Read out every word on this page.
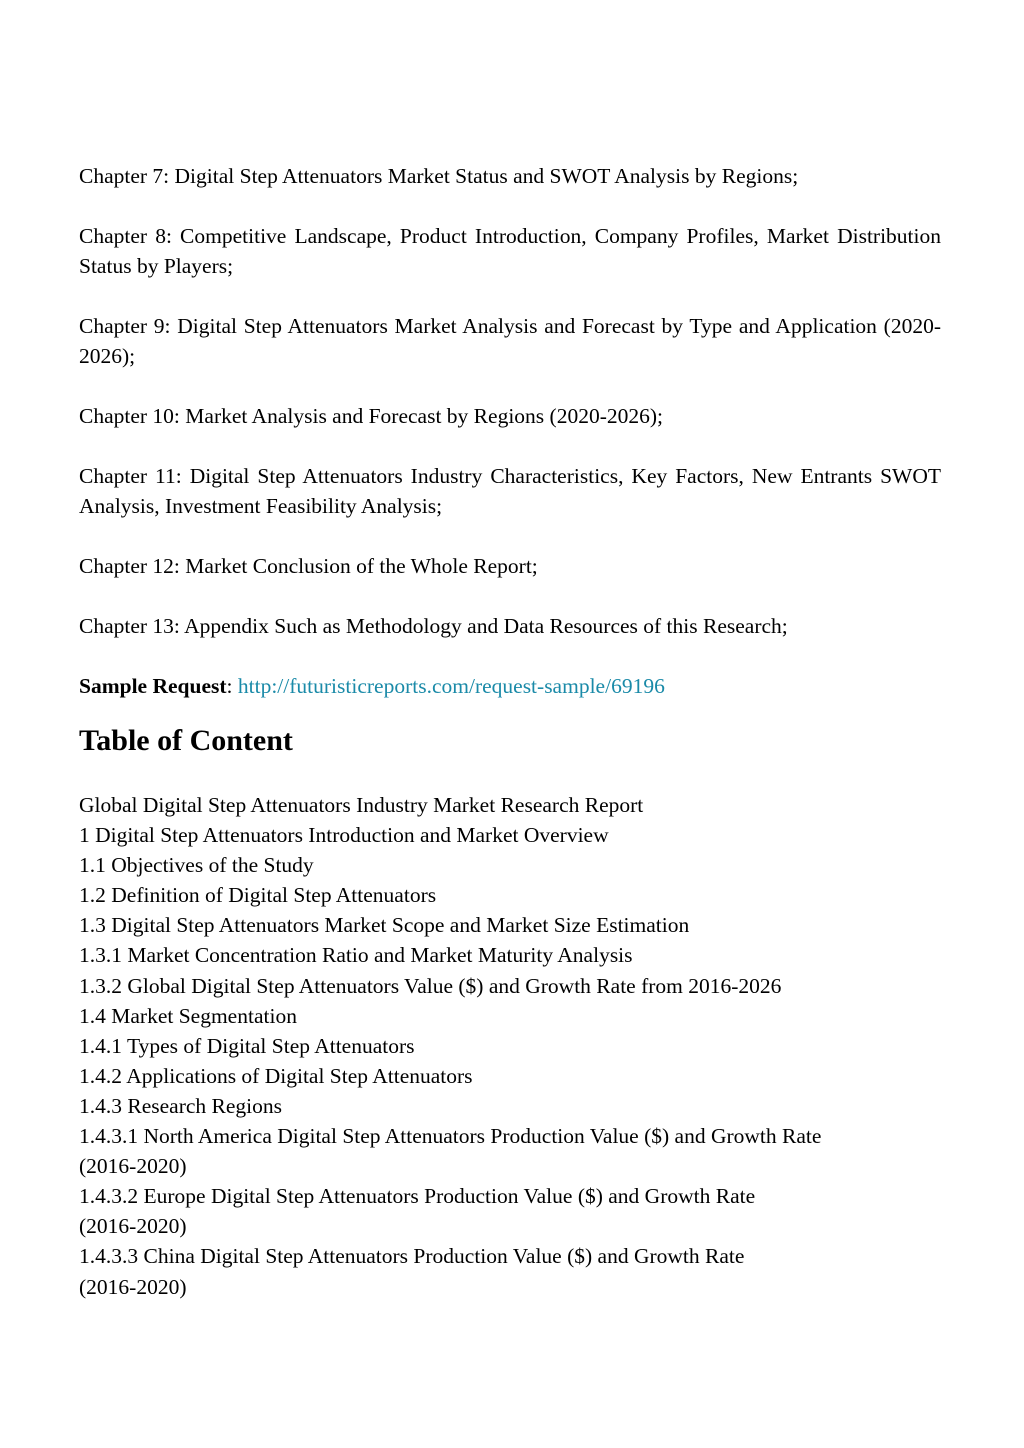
Chapter 7: Digital Step Attenuators Market Status and SWOT Analysis by Regions;

Chapter 8: Competitive Landscape, Product Introduction, Company Profiles, Market Distribution Status by Players;

Chapter 9: Digital Step Attenuators Market Analysis and Forecast by Type and Application (2020-2026);

Chapter 10: Market Analysis and Forecast by Regions (2020-2026);

Chapter 11: Digital Step Attenuators Industry Characteristics, Key Factors, New Entrants SWOT Analysis, Investment Feasibility Analysis;

Chapter 12: Market Conclusion of the Whole Report;

Chapter 13: Appendix Such as Methodology and Data Resources of this Research;

Sample Request: http://futuristicreports.com/request-sample/69196

Table of Content
Global Digital Step Attenuators Industry Market Research Report
1 Digital Step Attenuators Introduction and Market Overview
1.1 Objectives of the Study
1.2 Definition of Digital Step Attenuators
1.3 Digital Step Attenuators Market Scope and Market Size Estimation
1.3.1 Market Concentration Ratio and Market Maturity Analysis
1.3.2 Global Digital Step Attenuators Value ($) and Growth Rate from 2016-2026
1.4 Market Segmentation
1.4.1 Types of Digital Step Attenuators
1.4.2 Applications of Digital Step Attenuators
1.4.3 Research Regions
1.4.3.1 North America Digital Step Attenuators Production Value ($) and Growth Rate
(2016-2020)
1.4.3.2 Europe Digital Step Attenuators Production Value ($) and Growth Rate
(2016-2020)
1.4.3.3 China Digital Step Attenuators Production Value ($) and Growth Rate
(2016-2020)
